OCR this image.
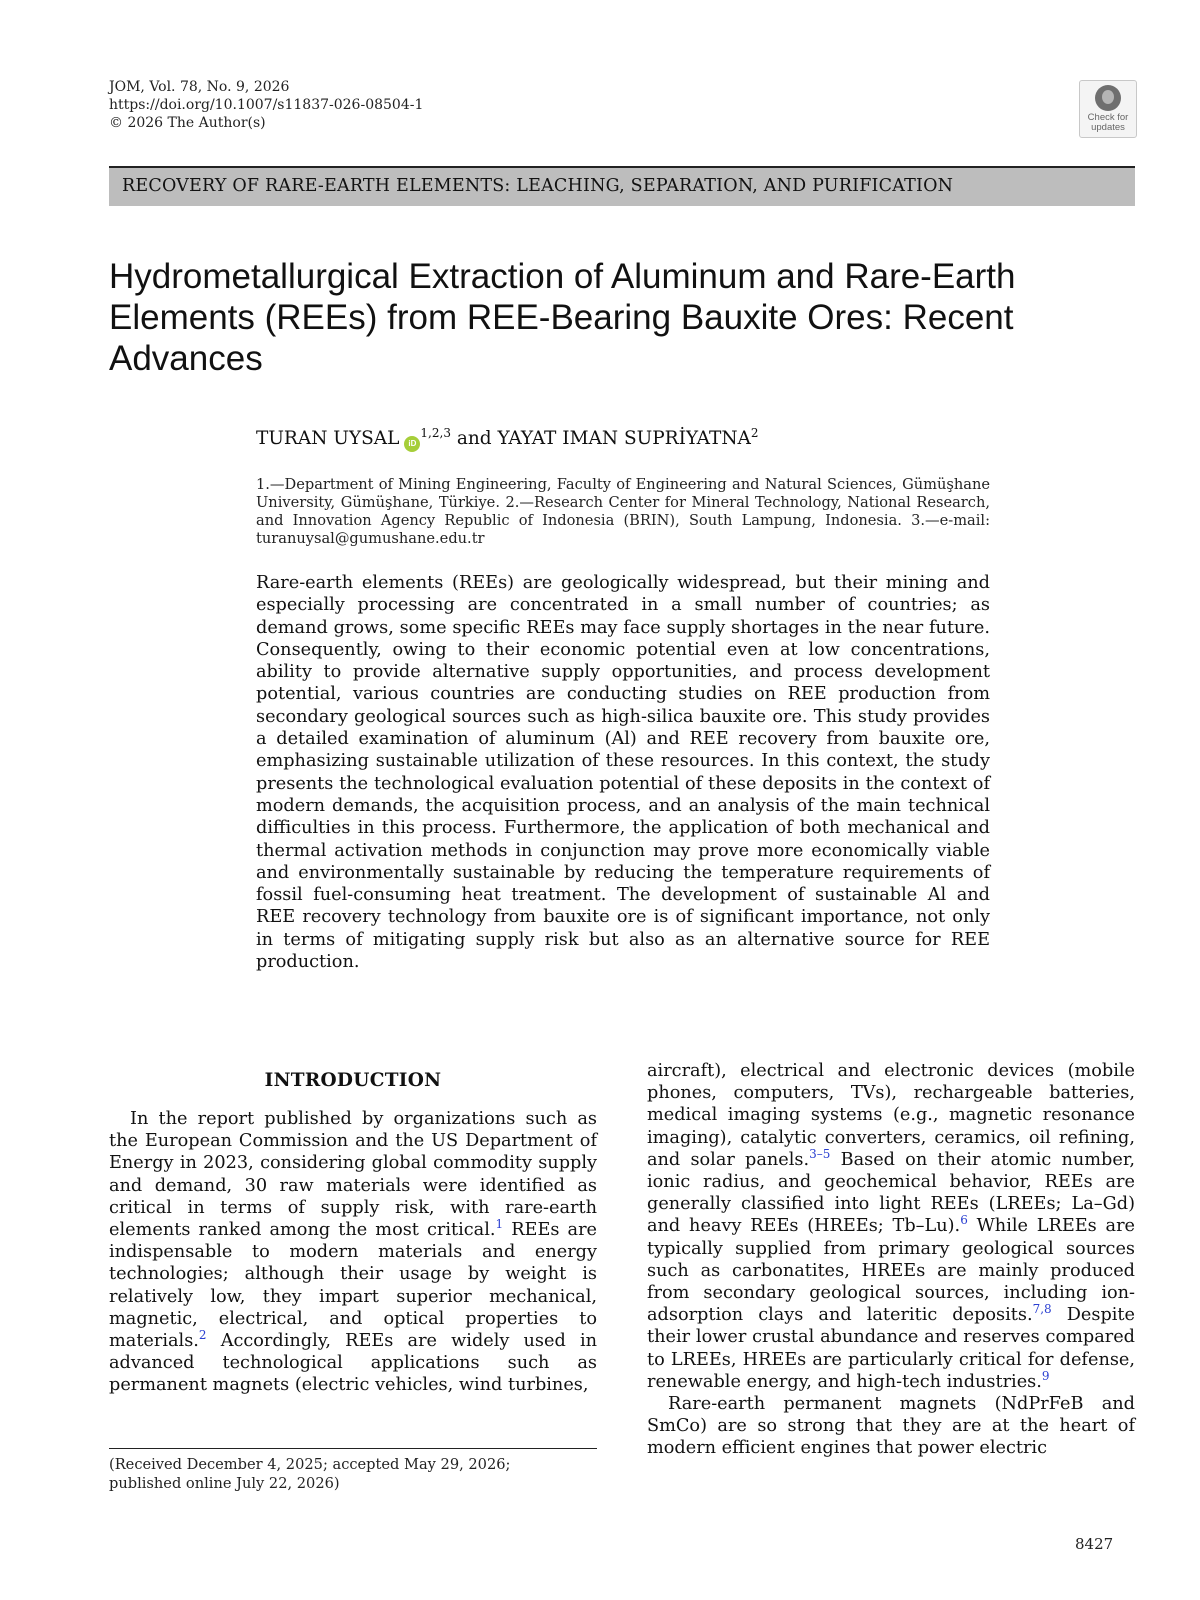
JOM, Vol. 78, No. 9, 2026
https://doi.org/10.1007/s11837-026-08504-1
© 2026 The Author(s)	Check for
updates
RECOVERY OF RARE-EARTH ELEMENTS: LEACHING, SEPARATION, AND PURIFICATION
Hydrometallurgical Extraction of Aluminum and Rare-Earth Elements (REEs) from REE-Bearing Bauxite Ores: Recent Advances
TURAN UYSAL iD$^{1,2,3}$ and YAYAT IMAN SUPRİYATNA$^2$
1.—Department of Mining Engineering, Faculty of Engineering and Natural Sciences, Gümüşhane University, Gümüşhane, Türkiye. 2.—Research Center for Mineral Technology, National Research, and Innovation Agency Republic of Indonesia (BRIN), South Lampung, Indonesia. 3.—e-mail: turanuysal@gumushane.edu.tr
Rare-earth elements (REEs) are geologically widespread, but their mining and especially processing are concentrated in a small number of countries; as demand grows, some specific REEs may face supply shortages in the near future. Consequently, owing to their economic potential even at low concentrations, ability to provide alternative supply opportunities, and process development potential, various countries are conducting studies on REE production from secondary geological sources such as high-silica bauxite ore. This study provides a detailed examination of aluminum (Al) and REE recovery from bauxite ore, emphasizing sustainable utilization of these resources. In this context, the study presents the technological evaluation potential of these deposits in the context of modern demands, the acquisition process, and an analysis of the main technical difficulties in this process. Furthermore, the application of both mechanical and thermal activation methods in conjunction may prove more economically viable and environmentally sustainable by reducing the temperature requirements of fossil fuel-consuming heat treatment. The development of sustainable Al and REE recovery technology from bauxite ore is of significant importance, not only in terms of mitigating supply risk but also as an alternative source for REE production.
INTRODUCTION

In the report published by organizations such as the European Commission and the US Department of Energy in 2023, considering global commodity supply and demand, 30 raw materials were identified as critical in terms of supply risk, with rare-earth elements ranked among the most critical.$^1$ REEs are indispensable to modern materials and energy technologies; although their usage by weight is relatively low, they impart superior mechanical, magnetic, electrical, and optical properties to materials.$^2$ Accordingly, REEs are widely used in advanced technological applications such as permanent magnets (electric vehicles, wind turbines,

aircraft), electrical and electronic devices (mobile phones, computers, TVs), rechargeable batteries, medical imaging systems (e.g., magnetic resonance imaging), catalytic converters, ceramics, oil refining, and solar panels.$^{3-5}$ Based on their atomic number, ionic radius, and geochemical behavior, REEs are generally classified into light REEs (LREEs; La–Gd) and heavy REEs (HREEs; Tb–Lu).$^6$ While LREEs are typically supplied from primary geological sources such as carbonatites, HREEs are mainly produced from secondary geological sources, including ion-adsorption clays and lateritic deposits.$^{7,8}$ Despite their lower crustal abundance and reserves compared to LREEs, HREEs are particularly critical for defense, renewable energy, and high-tech industries.$^9$

Rare-earth permanent magnets (NdPrFeB and SmCo) are so strong that they are at the heart of modern efficient engines that power electric

(Received December 4, 2025; accepted May 29, 2026;
published online July 22, 2026)
8427
